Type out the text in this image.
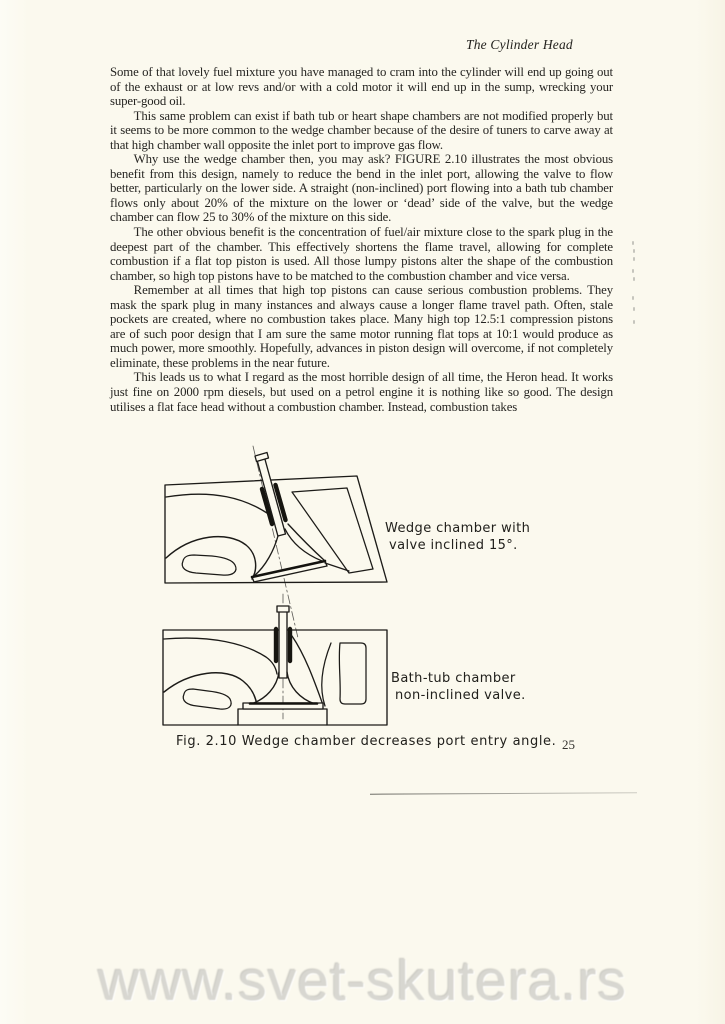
The Cylinder Head

Some of that lovely fuel mixture you have managed to cram into the cylinder will end up going out of the exhaust or at low revs and/or with a cold motor it will end up in the sump, wrecking your super-good oil.

This same problem can exist if bath tub or heart shape chambers are not modified properly but it seems to be more common to the wedge chamber because of the desire of tuners to carve away at that high chamber wall opposite the inlet port to improve gas flow.

Why use the wedge chamber then, you may ask? FIGURE 2.10 illustrates the most obvious benefit from this design, namely to reduce the bend in the inlet port, allowing the valve to flow better, particularly on the lower side. A straight (non-inclined) port flowing into a bath tub chamber flows only about 20% of the mixture on the lower or ‘dead’ side of the valve, but the wedge chamber can flow 25 to 30% of the mixture on this side.

The other obvious benefit is the concentration of fuel/air mixture close to the spark plug in the deepest part of the chamber. This effectively shortens the flame travel, allowing for complete combustion if a flat top piston is used. All those lumpy pistons alter the shape of the combustion chamber, so high top pistons have to be matched to the combustion chamber and vice versa.

Remember at all times that high top pistons can cause serious combustion problems. They mask the spark plug in many instances and always cause a longer flame travel path. Often, stale pockets are created, where no combustion takes place. Many high top 12.5:1 compression pistons are of such poor design that I am sure the same motor running flat tops at 10:1 would produce as much power, more smoothly. Hopefully, advances in piston design will overcome, if not completely eliminate, these problems in the near future.

This leads us to what I regard as the most horrible design of all time, the Heron head. It works just fine on 2000 rpm diesels, but used on a petrol engine it is nothing like so good. The design utilises a flat face head without a combustion chamber. Instead, combustion takes

Wedge chamber with
valve inclined 15°.
Bath-tub chamber
non-inclined valve.
Fig. 2.10 Wedge chamber decreases port entry angle. 25
www.svet-skutera.rs
